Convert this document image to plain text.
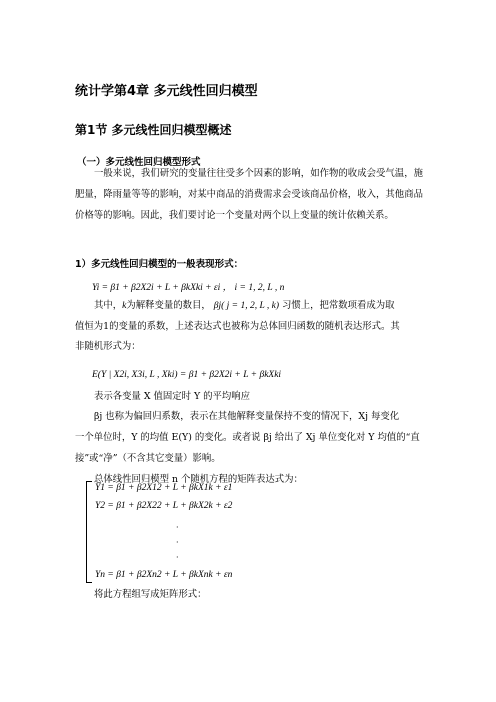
统计学第4章 多元线性回归模型
第1节 多元线性回归模型概述
（一）多元线性回归模型形式
一般来说，我们研究的变量往往受多个因素的影响，如作物的收成会受气温，施肥量，降雨量等等的影响，对某中商品的消费需求会受该商品价格，收入，其他商品价格等的影响。因此，我们要讨论一个变量对两个以上变量的统计依赖关系。
1）多元线性回归模型的一般表现形式：
Yi = β1 + β2X2i + L + βkXki + εi ， i = 1, 2, L , n
其中，k为解释变量的数目， βj( j = 1, 2, L , k) 习惯上，把常数项看成为取
值恒为1的变量的系数，上述表达式也被称为总体回归函数的随机表达形式。其
非随机形式为：
E(Y | X2i, X3i, L , Xki) = β1 + β2X2i + L + βkXki
表示各变量 X 值固定时 Y 的平均响应
βj 也称为偏回归系数，表示在其他解释变量保持不变的情况下，Xj 每变化
一个单位时，Y 的均值 E(Y) 的变化。或者说 βj 给出了 Xj 单位变化对 Y 均值的“直
接”或“净”（不含其它变量）影响。
总体线性回归模型 n 个随机方程的矩阵表达式为：
Y1 = β1 + β2X12 + L + βkX1k + ε1
Y2 = β1 + β2X22 + L + βkX2k + ε2
·
·
·
Yn = β1 + β2Xn2 + L + βkXnk + εn
将此方程组写成矩阵形式：
